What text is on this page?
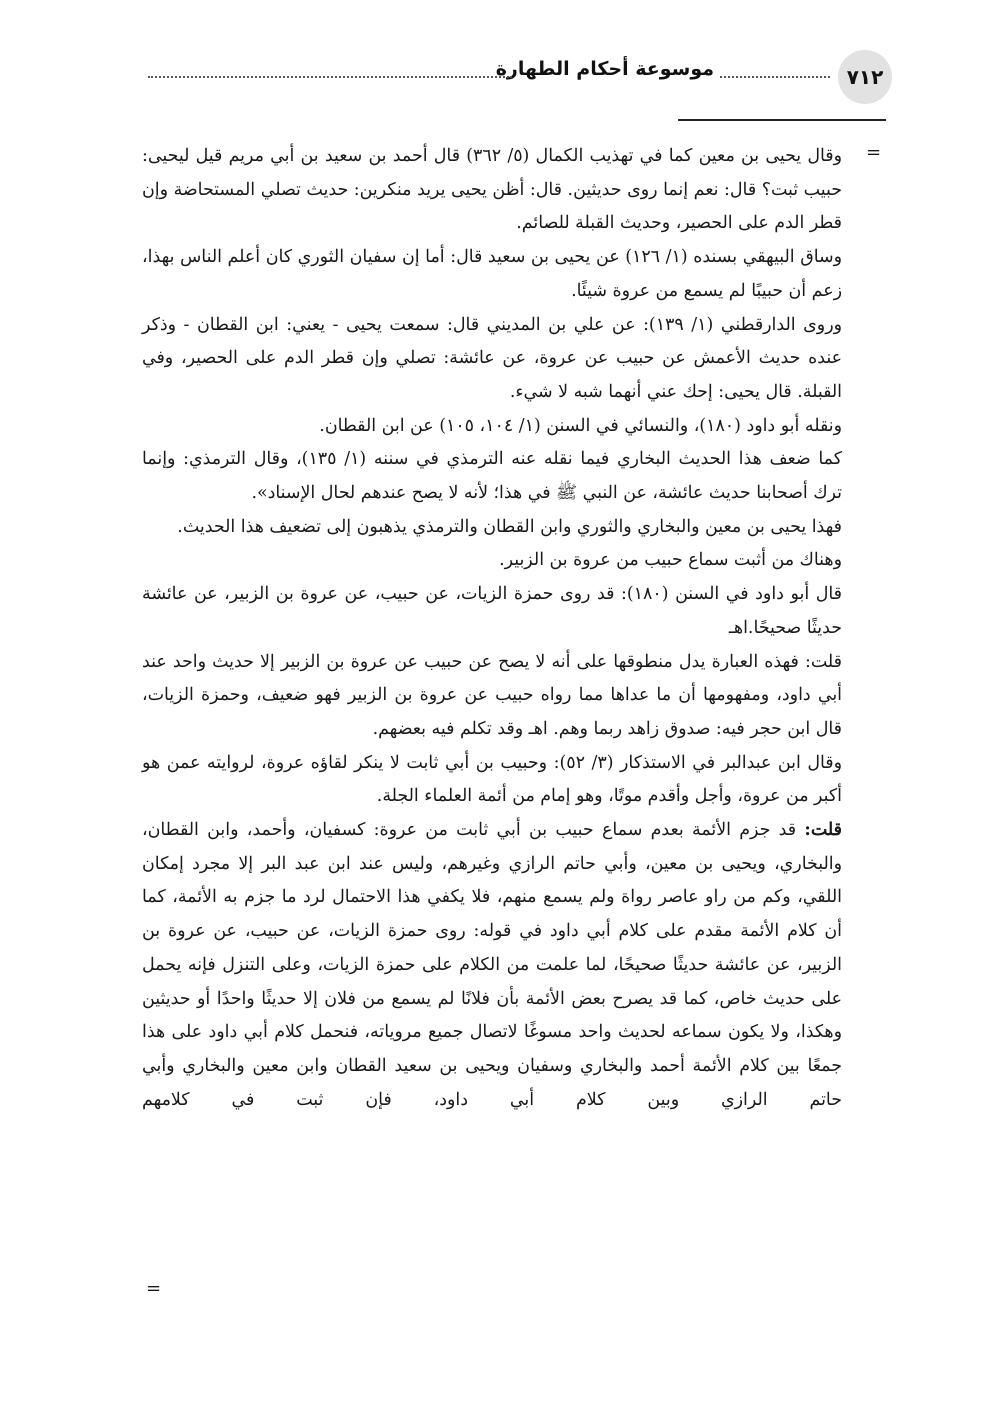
٧١٢
موسوعة أحكام الطهارة
=

وقال يحيى بن معين كما في تهذيب الكمال (٥/ ٣٦٢) قال أحمد بن سعيد بن أبي مريم قيل ليحيى: حبيب ثبت؟ قال: نعم إنما روى حديثين. قال: أظن يحيى يريد منكرين: حديث تصلي المستحاضة وإن قطر الدم على الحصير، وحديث القبلة للصائم.

وساق البيهقي بسنده (١/ ١٢٦) عن يحيى بن سعيد قال: أما إن سفيان الثوري كان أعلم الناس بهذا، زعم أن حبيبًا لم يسمع من عروة شيئًا.

وروى الدارقطني (١/ ١٣٩): عن علي بن المديني قال: سمعت يحيى - يعني: ابن القطان - وذكر عنده حديث الأعمش عن حبيب عن عروة، عن عائشة: تصلي وإن قطر الدم على الحصير، وفي القبلة. قال يحيى: إحك عني أنهما شبه لا شيء.

ونقله أبو داود (١٨٠)، والنسائي في السنن (١/ ١٠٤، ١٠٥) عن ابن القطان.

كما ضعف هذا الحديث البخاري فيما نقله عنه الترمذي في سننه (١/ ١٣٥)، وقال الترمذي: وإنما ترك أصحابنا حديث عائشة، عن النبي ﷺ في هذا؛ لأنه لا يصح عندهم لحال الإسناد».

فهذا يحيى بن معين والبخاري والثوري وابن القطان والترمذي يذهبون إلى تضعيف هذا الحديث.

وهناك من أثبت سماع حبيب من عروة بن الزبير.

قال أبو داود في السنن (١٨٠): قد روى حمزة الزيات، عن حبيب، عن عروة بن الزبير، عن عائشة حديثًا صحيحًا.اهـ

قلت: فهذه العبارة يدل منطوقها على أنه لا يصح عن حبيب عن عروة بن الزبير إلا حديث واحد عند أبي داود، ومفهومها أن ما عداها مما رواه حبيب عن عروة بن الزبير فهو ضعيف، وحمزة الزيات، قال ابن حجر فيه: صدوق زاهد ربما وهم. اهـ وقد تكلم فيه بعضهم.

وقال ابن عبدالبر في الاستذكار (٣/ ٥٢): وحبيب بن أبي ثابت لا ينكر لقاؤه عروة، لروايته عمن هو أكبر من عروة، وأجل وأقدم موتًا، وهو إمام من أئمة العلماء الجلة.

قلت: قد جزم الأئمة بعدم سماع حبيب بن أبي ثابت من عروة: كسفيان، وأحمد، وابن القطان، والبخاري، ويحيى بن معين، وأبي حاتم الرازي وغيرهم، وليس عند ابن عبد البر إلا مجرد إمكان اللقي، وكم من راو عاصر رواة ولم يسمع منهم، فلا يكفي هذا الاحتمال لرد ما جزم به الأئمة، كما أن كلام الأئمة مقدم على كلام أبي داود في قوله: روى حمزة الزيات، عن حبيب، عن عروة بن الزبير، عن عائشة حديثًا صحيحًا، لما علمت من الكلام على حمزة الزيات، وعلى التنزل فإنه يحمل على حديث خاص، كما قد يصرح بعض الأئمة بأن فلانًا لم يسمع من فلان إلا حديثًا واحدًا أو حديثين وهكذا، ولا يكون سماعه لحديث واحد مسوغًا لاتصال جميع مروياته، فنحمل كلام أبي داود على هذا جمعًا بين كلام الأئمة أحمد والبخاري وسفيان ويحيى بن سعيد القطان وابن معين والبخاري وأبي حاتم الرازي وبين كلام أبي داود، فإن ثبت في كلامهم

=
